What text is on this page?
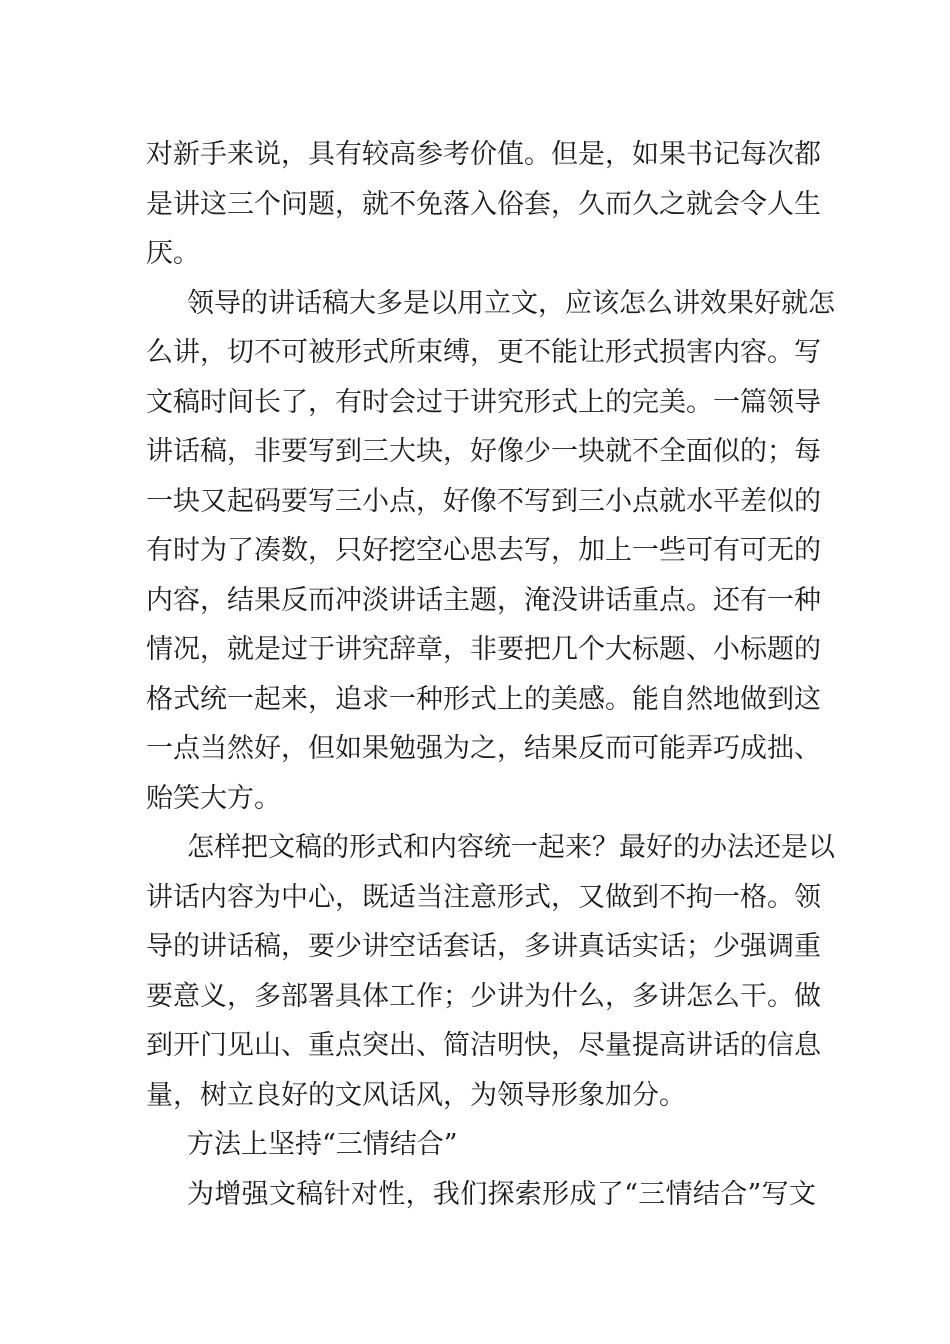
对新手来说，具有较高参考价值。但是，如果书记每次都
是讲这三个问题，就不免落入俗套，久而久之就会令人生
厌。
领导的讲话稿大多是以用立文，应该怎么讲效果好就怎
么讲，切不可被形式所束缚，更不能让形式损害内容。写
文稿时间长了，有时会过于讲究形式上的完美。一篇领导
讲话稿，非要写到三大块，好像少一块就不全面似的；每
一块又起码要写三小点，好像不写到三小点就水平差似的
有时为了凑数，只好挖空心思去写，加上一些可有可无的
内容，结果反而冲淡讲话主题，淹没讲话重点。还有一种
情况，就是过于讲究辞章，非要把几个大标题、小标题的
格式统一起来，追求一种形式上的美感。能自然地做到这
一点当然好，但如果勉强为之，结果反而可能弄巧成拙、
贻笑大方。
怎样把文稿的形式和内容统一起来？最好的办法还是以
讲话内容为中心，既适当注意形式，又做到不拘一格。领
导的讲话稿，要少讲空话套话，多讲真话实话；少强调重
要意义，多部署具体工作；少讲为什么，多讲怎么干。做
到开门见山、重点突出、简洁明快，尽量提高讲话的信息
量，树立良好的文风话风，为领导形象加分。
方法上坚持“三情结合”
为增强文稿针对性，我们探索形成了“三情结合”写文
